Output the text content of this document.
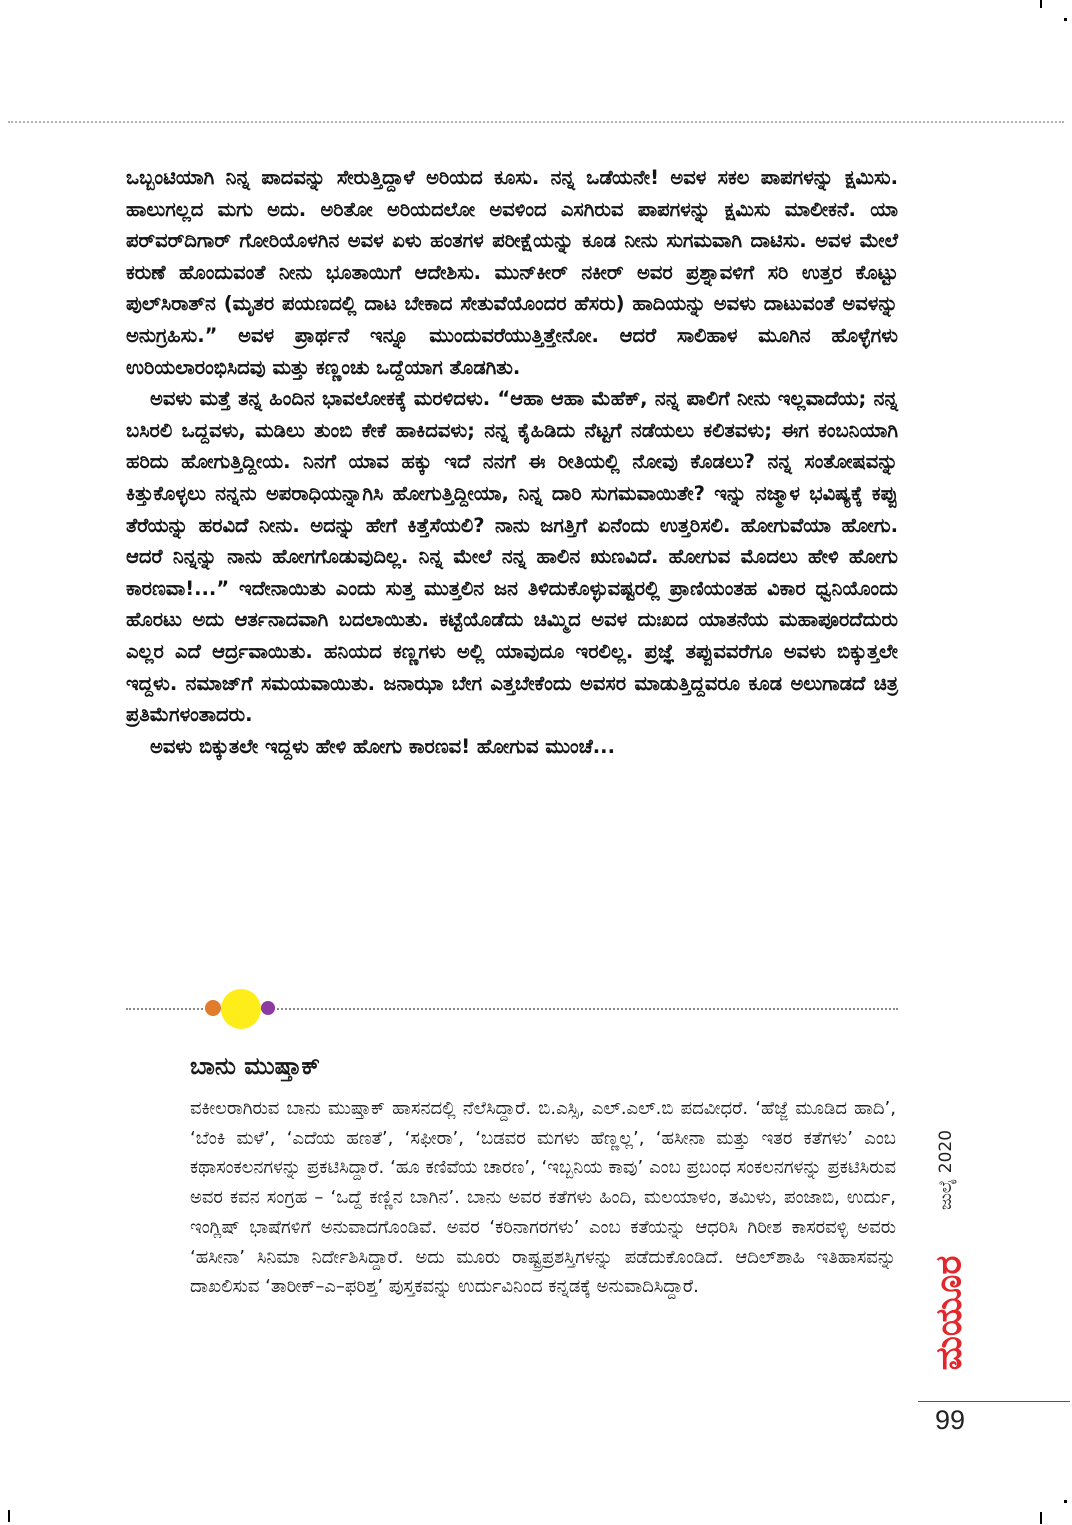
ಒಬ್ಬಂಟಿಯಾಗಿ ನಿನ್ನ ಪಾದವನ್ನು ಸೇರುತ್ತಿದ್ದಾಳೆ ಅರಿಯದ ಕೂಸು. ನನ್ನ ಒಡೆಯನೇ! ಅವಳ ಸಕಲ ಪಾಪಗಳನ್ನು ಕ್ಷಮಿಸು. ಹಾಲುಗಲ್ಲದ ಮಗು ಅದು. ಅರಿತೋ ಅರಿಯದಲೋ ಅವಳಿಂದ ಎಸಗಿರುವ ಪಾಪಗಳನ್ನು ಕ್ಷಮಿಸು ಮಾಲೀಕನೆ. ಯಾ ಪರ್‌ವರ್‌ದಿಗಾರ್ ಗೋರಿಯೊಳಗಿನ ಅವಳ ಏಳು ಹಂತಗಳ ಪರೀಕ್ಷೆಯನ್ನು ಕೂಡ ನೀನು ಸುಗಮವಾಗಿ ದಾಟಿಸು. ಅವಳ ಮೇಲೆ ಕರುಣೆ ಹೊಂದುವಂತೆ ನೀನು ಭೂತಾಯಿಗೆ ಆದೇಶಿಸು. ಮುನ್‌ಕೀರ್ ನಕೀರ್ ಅವರ ಪ್ರಶ್ನಾವಳಿಗೆ ಸರಿ ಉತ್ತರ ಕೊಟ್ಟು ಪುಲ್‌ಸಿರಾತ್‌ನ (ಮೃತರ ಪಯಣದಲ್ಲಿ ದಾಟ ಬೇಕಾದ ಸೇತುವೆಯೊಂದರ ಹೆಸರು) ಹಾದಿಯನ್ನು ಅವಳು ದಾಟುವಂತೆ ಅವಳನ್ನು ಅನುಗ್ರಹಿಸು.” ಅವಳ ಪ್ರಾರ್ಥನೆ ಇನ್ನೂ ಮುಂದುವರೆಯುತ್ತಿತ್ತೇನೋ. ಆದರೆ ಸಾಲಿಹಾಳ ಮೂಗಿನ ಹೊಳ್ಳೆಗಳು ಉರಿಯಲಾರಂಭಿಸಿದವು ಮತ್ತು ಕಣ್ಣಂಚು ಒದ್ದೆಯಾಗ ತೊಡಗಿತು.

ಅವಳು ಮತ್ತೆ ತನ್ನ ಹಿಂದಿನ ಭಾವಲೋಕಕ್ಕೆ ಮರಳಿದಳು. “ಆಹಾ ಆಹಾ ಮೆಹೆಕ್, ನನ್ನ ಪಾಲಿಗೆ ನೀನು ಇಲ್ಲವಾದೆಯ; ನನ್ನ ಬಸಿರಲಿ ಒದ್ದವಳು, ಮಡಿಲು ತುಂಬಿ ಕೇಕೆ ಹಾಕಿದವಳು; ನನ್ನ ಕೈಹಿಡಿದು ನೆಟ್ಟಗೆ ನಡೆಯಲು ಕಲಿತವಳು; ಈಗ ಕಂಬನಿಯಾಗಿ ಹರಿದು ಹೋಗುತ್ತಿದ್ದೀಯ. ನಿನಗೆ ಯಾವ ಹಕ್ಕು ಇದೆ ನನಗೆ ಈ ರೀತಿಯಲ್ಲಿ ನೋವು ಕೊಡಲು? ನನ್ನ ಸಂತೋಷವನ್ನು ಕಿತ್ತುಕೊಳ್ಳಲು ನನ್ನನು ಅಪರಾಧಿಯನ್ನಾಗಿಸಿ ಹೋಗುತ್ತಿದ್ದೀಯಾ, ನಿನ್ನ ದಾರಿ ಸುಗಮವಾಯಿತೇ? ಇನ್ನು ನಜ್ಮಾಳ ಭವಿಷ್ಯಕ್ಕೆ ಕಪ್ಪು ತೆರೆಯನ್ನು ಹರವಿದೆ ನೀನು. ಅದನ್ನು ಹೇಗೆ ಕಿತ್ತೆಸೆಯಲಿ? ನಾನು ಜಗತ್ತಿಗೆ ಏನೆಂದು ಉತ್ತರಿಸಲಿ. ಹೋಗುವೆಯಾ ಹೋಗು. ಆದರೆ ನಿನ್ನನ್ನು ನಾನು ಹೋಗಗೊಡುವುದಿಲ್ಲ. ನಿನ್ನ ಮೇಲೆ ನನ್ನ ಹಾಲಿನ ಋಣವಿದೆ. ಹೋಗುವ ಮೊದಲು ಹೇಳಿ ಹೋಗು ಕಾರಣವಾ!...” ಇದೇನಾಯಿತು ಎಂದು ಸುತ್ತ ಮುತ್ತಲಿನ ಜನ ತಿಳಿದುಕೊಳ್ಳುವಷ್ಟರಲ್ಲಿ ಪ್ರಾಣಿಯಂತಹ ವಿಕಾರ ಧ್ವನಿಯೊಂದು ಹೊರಟು ಅದು ಆರ್ತನಾದವಾಗಿ ಬದಲಾಯಿತು. ಕಟ್ಟೆಯೊಡೆದು ಚಿಮ್ಮಿದ ಅವಳ ದುಃಖದ ಯಾತನೆಯ ಮಹಾಪೂರದೆದುರು ಎಲ್ಲರ ಎದೆ ಆರ್ದ್ರವಾಯಿತು. ಹನಿಯದ ಕಣ್ಣಗಳು ಅಲ್ಲಿ ಯಾವುದೂ ಇರಲಿಲ್ಲ. ಪ್ರಜ್ಞೆ ತಪ್ಪುವವರೆಗೂ ಅವಳು ಬಿಕ್ಕುತ್ತಲೇ ಇದ್ದಳು. ನಮಾಜ್‌ಗೆ ಸಮಯವಾಯಿತು. ಜನಾಝಾ ಬೇಗ ಎತ್ತಬೇಕೆಂದು ಅವಸರ ಮಾಡುತ್ತಿದ್ದವರೂ ಕೂಡ ಅಲುಗಾಡದೆ ಚಿತ್ರ ಪ್ರತಿಮೆಗಳಂತಾದರು.

ಅವಳು ಬಿಕ್ಕುತಲೇ ಇದ್ದಳು ಹೇಳಿ ಹೋಗು ಕಾರಣವ! ಹೋಗುವ ಮುಂಚೆ...

ಬಾನು ಮುಷ್ತಾಕ್

ವಕೀಲರಾಗಿರುವ ಬಾನು ಮುಷ್ತಾಕ್ ಹಾಸನದಲ್ಲಿ ನೆಲೆಸಿದ್ದಾರೆ. ಬಿ.ಎಸ್ಸಿ, ಎಲ್.ಎಲ್.ಬಿ ಪದವೀಧರೆ. ‘ಹೆಜ್ಜೆ ಮೂಡಿದ ಹಾದಿ’, ‘ಬೆಂಕಿ ಮಳೆ’, ‘ಎದೆಯ ಹಣತೆ’, ‘ಸಫೀರಾ’, ‘ಬಡವರ ಮಗಳು ಹೆಣ್ಣಲ್ಲ’, ‘ಹಸೀನಾ ಮತ್ತು ಇತರ ಕತೆಗಳು’ ಎಂಬ ಕಥಾಸಂಕಲನಗಳನ್ನು ಪ್ರಕಟಿಸಿದ್ದಾರೆ. ‘ಹೂ ಕಣಿವೆಯ ಚಾರಣ’, ‘ಇಬ್ಬನಿಯ ಕಾವು’ ಎಂಬ ಪ್ರಬಂಧ ಸಂಕಲನಗಳನ್ನು ಪ್ರಕಟಿಸಿರುವ ಅವರ ಕವನ ಸಂಗ್ರಹ – ‘ಒದ್ದೆ ಕಣ್ಣಿನ ಬಾಗಿನ’. ಬಾನು ಅವರ ಕತೆಗಳು ಹಿಂದಿ, ಮಲಯಾಳಂ, ತಮಿಳು, ಪಂಜಾಬಿ, ಉರ್ದು, ಇಂಗ್ಲಿಷ್ ಭಾಷೆಗಳಿಗೆ ಅನುವಾದಗೊಂಡಿವೆ. ಅವರ ‘ಕರಿನಾಗರಗಳು’ ಎಂಬ ಕತೆಯನ್ನು ಆಧರಿಸಿ ಗಿರೀಶ ಕಾಸರವಳ್ಳಿ ಅವರು ‘ಹಸೀನಾ’ ಸಿನಿಮಾ ನಿರ್ದೇಶಿಸಿದ್ದಾರೆ. ಅದು ಮೂರು ರಾಷ್ಟ್ರಪ್ರಶಸ್ತಿಗಳನ್ನು ಪಡೆದುಕೊಂಡಿದೆ. ಆದಿಲ್‌ಶಾಹಿ ಇತಿಹಾಸವನ್ನು ದಾಖಲಿಸುವ ‘ತಾರೀಕ್–ಎ–ಫರಿಶ್ತ’ ಪುಸ್ತಕವನ್ನು ಉರ್ದುವಿನಿಂದ ಕನ್ನಡಕ್ಕೆ ಅನುವಾದಿಸಿದ್ದಾರೆ.

ಜುಲೈ 2020
ಮಯೂರ

99
